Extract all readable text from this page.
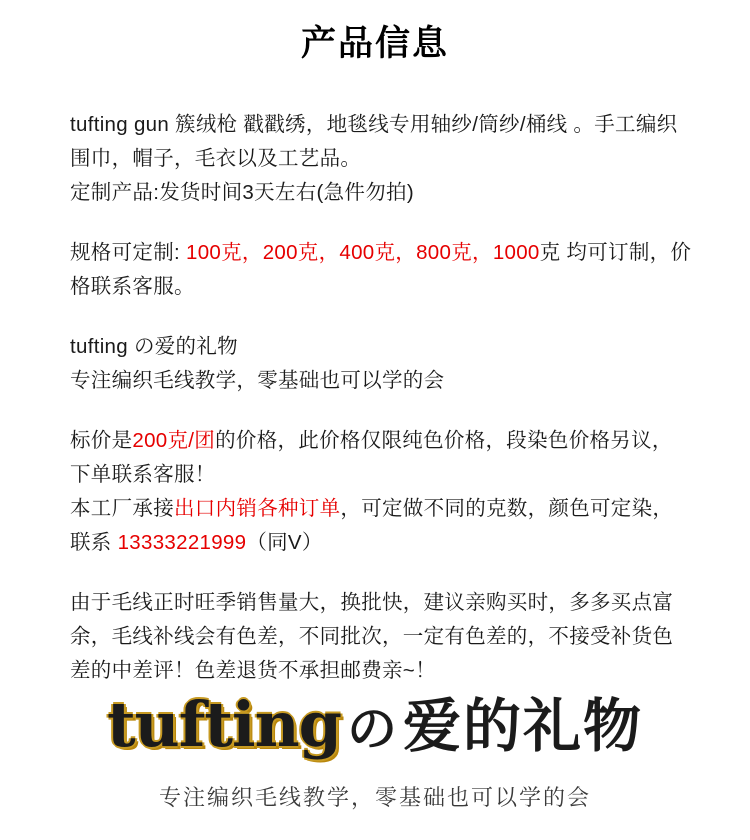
产品信息
tufting gun 簇绒枪 戳戳绣，地毯线专用轴纱/筒纱/桶线 。手工编织围巾，帽子，毛衣以及工艺品。
定制产品:发货时间3天左右(急件勿拍)
规格可定制: 100克，200克，400克，800克，1000克 均可订制，价格联系客服。
tufting の爱的礼物
专注编织毛线教学，零基础也可以学的会
标价是200克/团的价格，此价格仅限纯色价格，段染色价格另议，下单联系客服！
本工厂承接出口内销各种订单，可定做不同的克数，颜色可定染，联系 13333221999（同V）
由于毛线正时旺季销售量大，换批快，建议亲购买时，多多买点富余，毛线补线会有色差，不同批次，一定有色差的，不接受补货色差的中差评！色差退货不承担邮费亲~！
tufting の 爱的礼物
专注编织毛线教学，零基础也可以学的会
